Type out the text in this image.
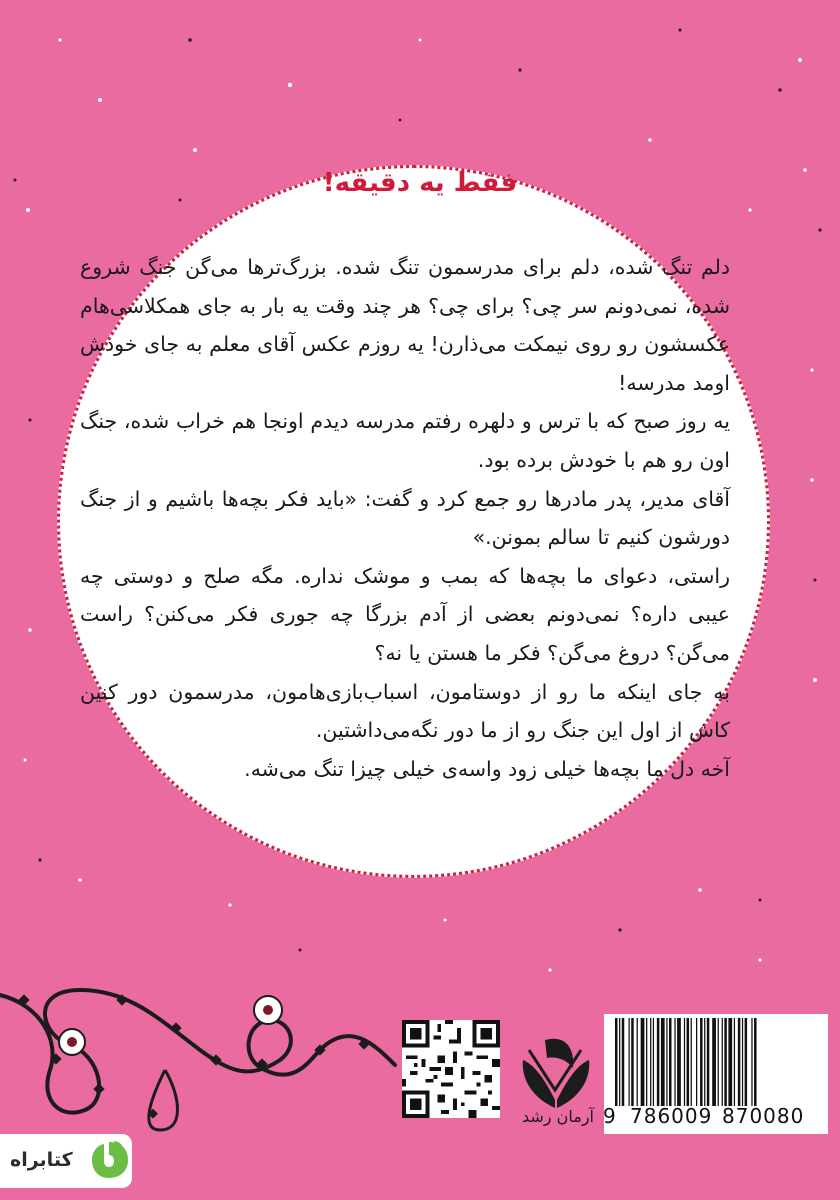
فقط یه دقیقه!

دلم تنگ شده، دلم برای مدرسمون تنگ شده. بزرگ‌ترها می‌گن جنگ شروع شده، نمی‌دونم سر چی؟ برای چی؟ هر چند وقت یه بار به جای همکلاسی‌هام عکسشون رو روی نیمکت می‌ذارن! یه روزم عکس آقای معلم به جای خودش اومد مدرسه!

یه روز صبح که با ترس و دلهره رفتم مدرسه دیدم اونجا هم خراب شده، جنگ اون رو هم با خودش برده بود.

آقای مدیر، پدر مادرها رو جمع کرد و گفت: «باید فکر بچه‌ها باشیم و از جنگ دورشون کنیم تا سالم بمونن.»

راستی، دعوای ما بچه‌ها که بمب و موشک نداره. مگه صلح و دوستی چه عیبی داره؟ نمی‌دونم بعضی از آدم بزرگا چه جوری فکر می‌کنن؟ راست می‌گن؟ دروغ می‌گن؟ فکر ما هستن یا نه؟

به جای اینکه ما رو از دوستامون، اسباب‌بازی‌هامون، مدرسمون دور کنین کاش از اول این جنگ رو از ما دور نگه‌می‌داشتین.

آخه دل ما بچه‌ها خیلی زود واسه‌ی خیلی چیزا تنگ می‌شه.

آرمان رشد 9 786009 870080
کتابراه
